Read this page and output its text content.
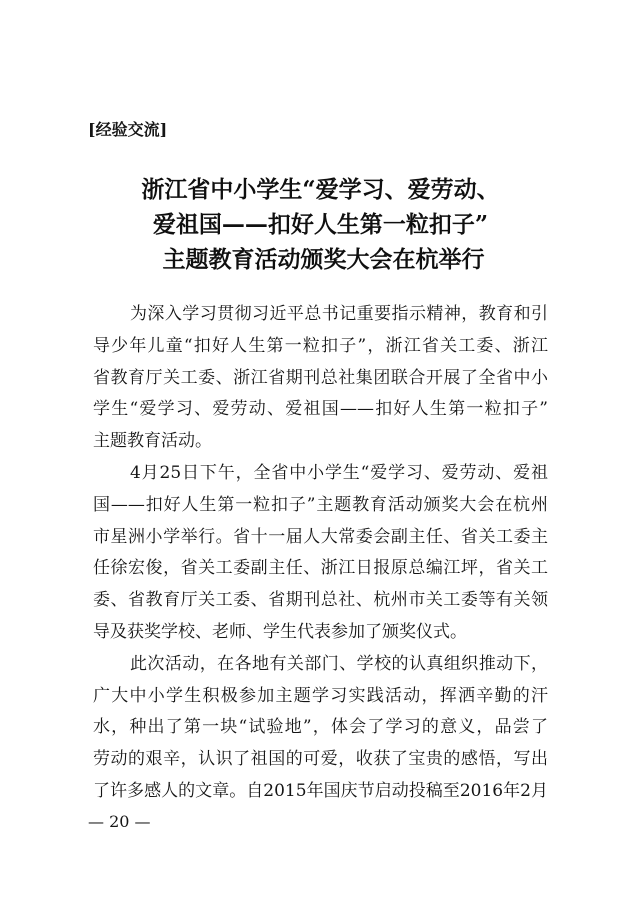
[经验交流]
浙江省中小学生“爱学习、爱劳动、
爱祖国——扣好人生第一粒扣子”
主题教育活动颁奖大会在杭举行
为深入学习贯彻习近平总书记重要指示精神，教育和引
导少年儿童“扣好人生第一粒扣子”，浙江省关工委、浙江
省教育厅关工委、浙江省期刊总社集团联合开展了全省中小
学生“爱学习、爱劳动、爱祖国——扣好人生第一粒扣子”
主题教育活动。
4月25日下午，全省中小学生“爱学习、爱劳动、爱祖
国——扣好人生第一粒扣子”主题教育活动颁奖大会在杭州
市星洲小学举行。省十一届人大常委会副主任、省关工委主
任徐宏俊，省关工委副主任、浙江日报原总编江坪，省关工
委、省教育厅关工委、省期刊总社、杭州市关工委等有关领
导及获奖学校、老师、学生代表参加了颁奖仪式。
此次活动，在各地有关部门、学校的认真组织推动下，
广大中小学生积极参加主题学习实践活动，挥洒辛勤的汗
水，种出了第一块“试验地”，体会了学习的意义，品尝了
劳动的艰辛，认识了祖国的可爱，收获了宝贵的感悟，写出
了许多感人的文章。自2015年国庆节启动投稿至2016年2月
— 20 —
